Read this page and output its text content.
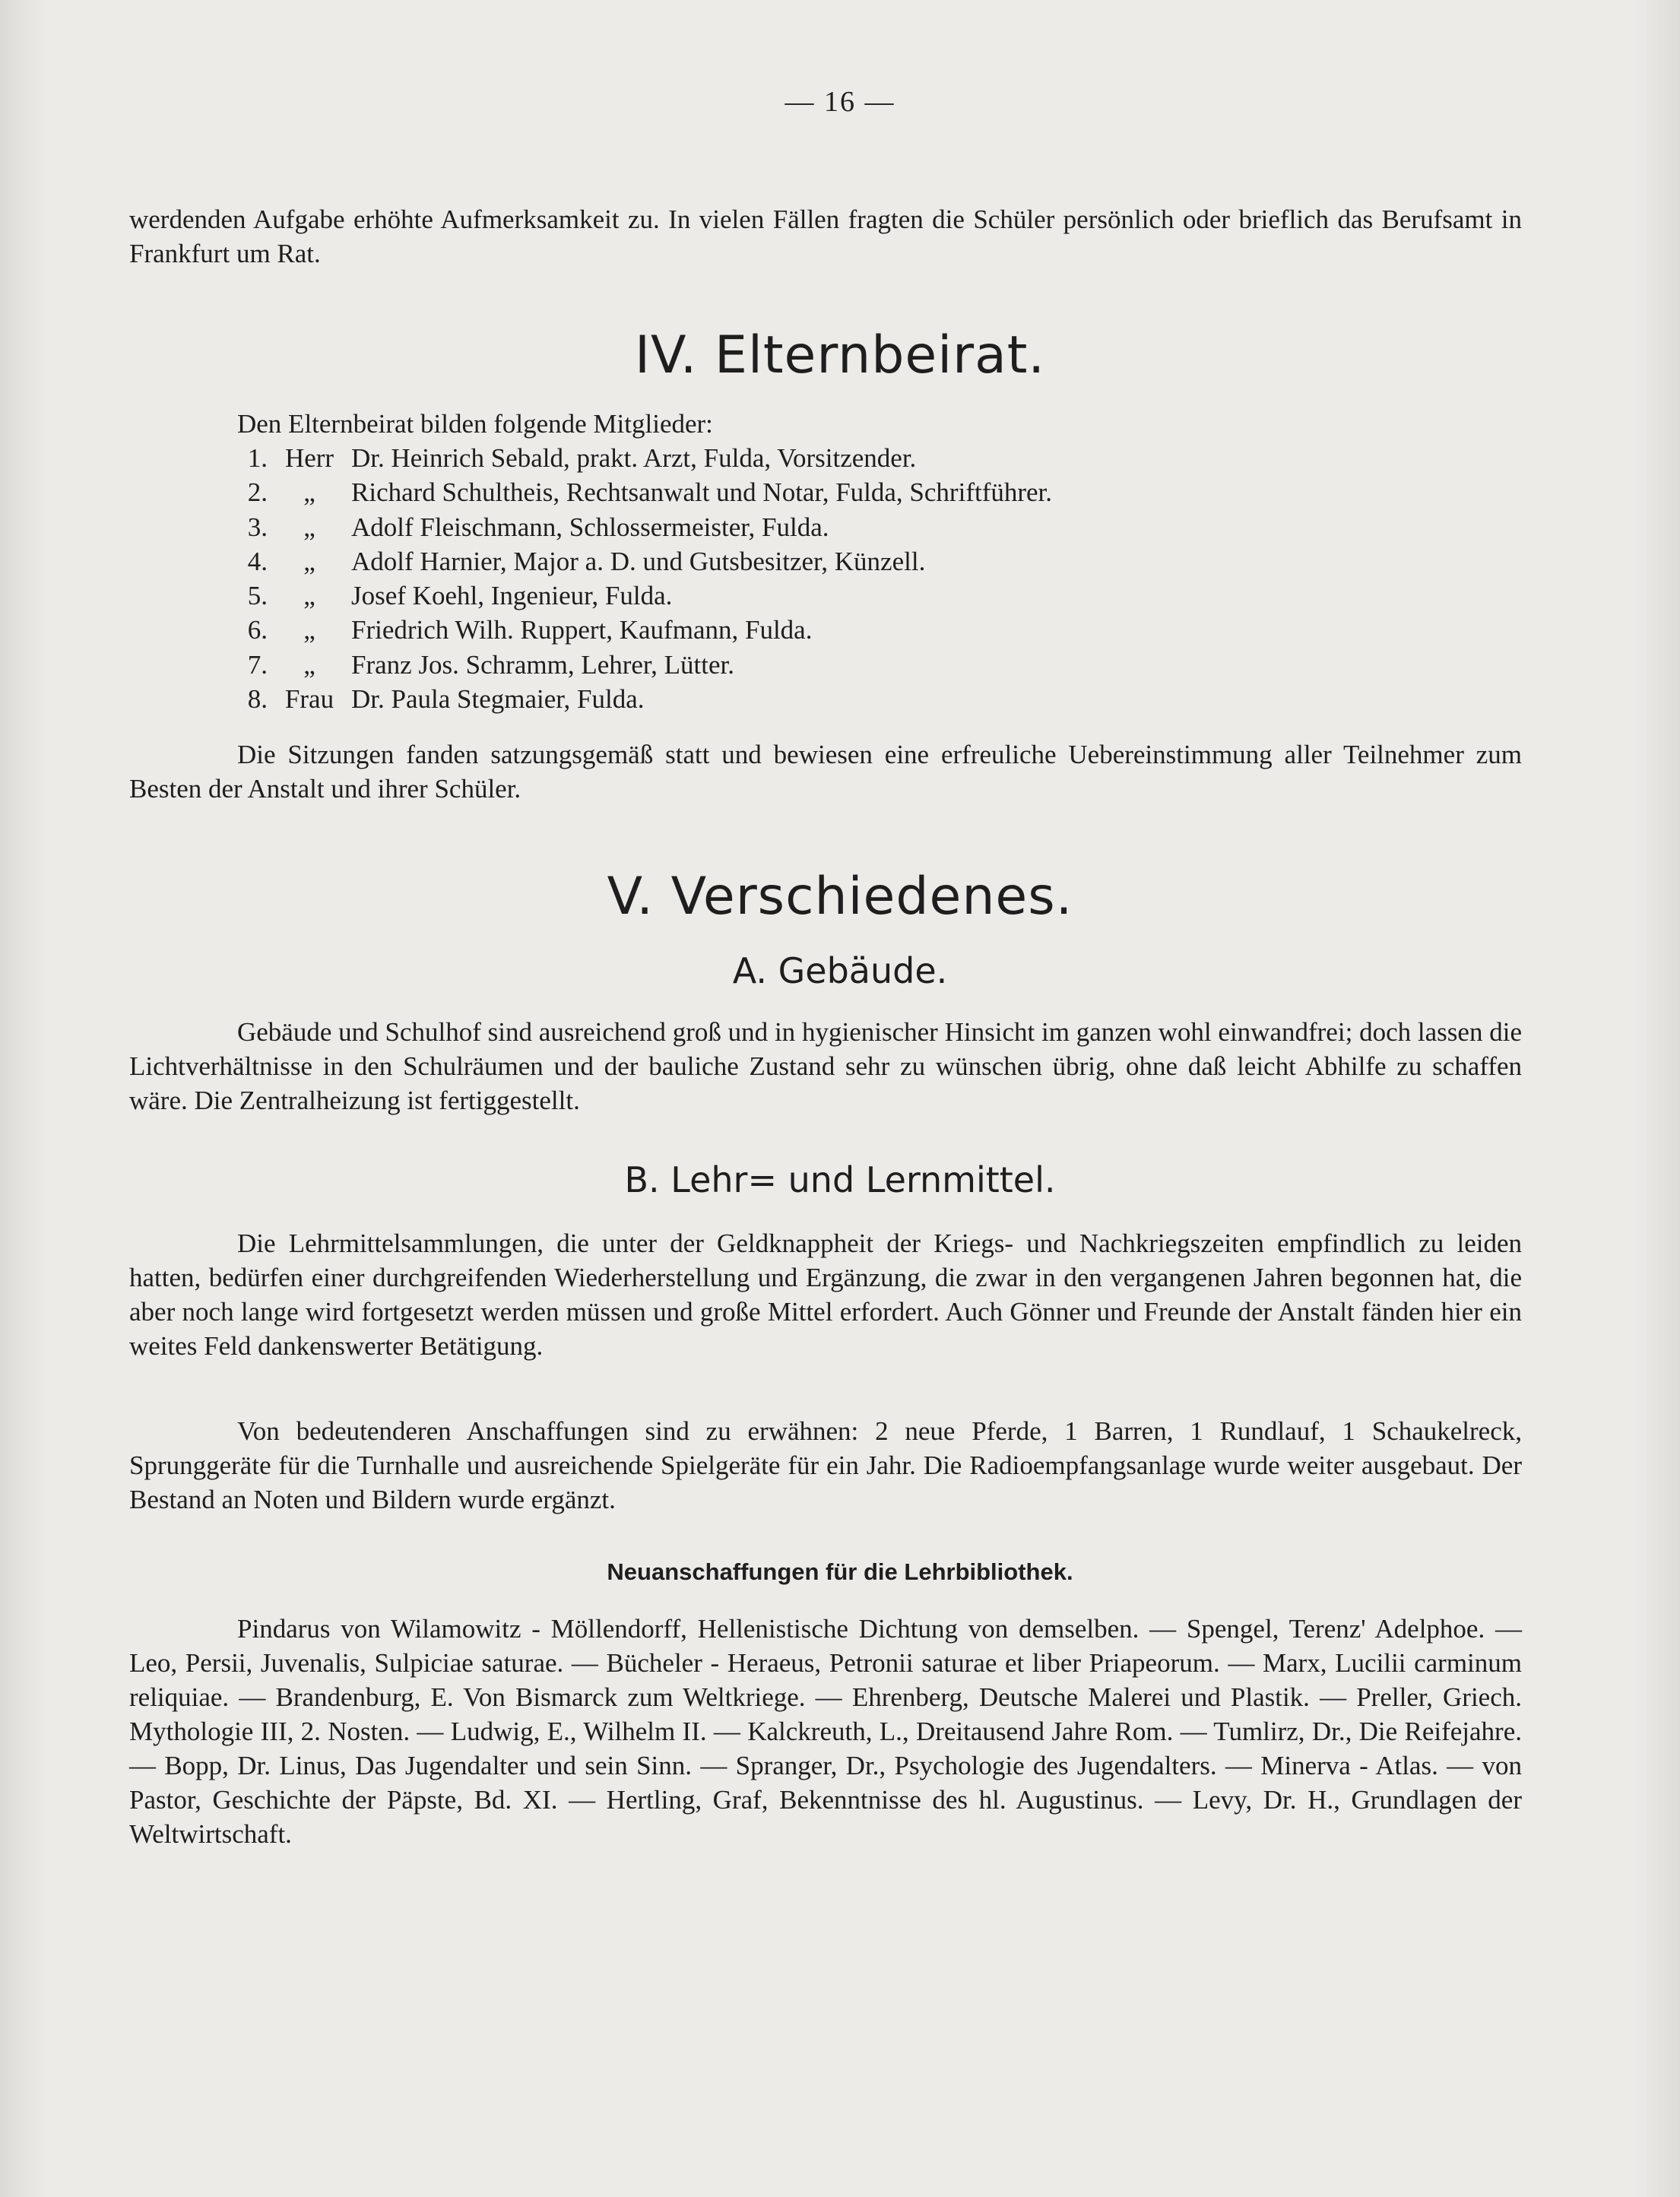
— 16 —

werdenden Aufgabe erhöhte Aufmerksamkeit zu. In vielen Fällen fragten die Schüler persönlich oder brieflich das Berufsamt in Frankfurt um Rat.

IV. Elternbeirat.

Den Elternbeirat bilden folgende Mitglieder:

1. Herr Dr. Heinrich Sebald, prakt. Arzt, Fulda, Vorsitzender.
2. „ Richard Schultheis, Rechtsanwalt und Notar, Fulda, Schriftführer.
3. „ Adolf Fleischmann, Schlossermeister, Fulda.
4. „ Adolf Harnier, Major a. D. und Gutsbesitzer, Künzell.
5. „ Josef Koehl, Ingenieur, Fulda.
6. „ Friedrich Wilh. Ruppert, Kaufmann, Fulda.
7. „ Franz Jos. Schramm, Lehrer, Lütter.
8. Frau Dr. Paula Stegmaier, Fulda.

Die Sitzungen fanden satzungsgemäß statt und bewiesen eine erfreuliche Uebereinstimmung aller Teilnehmer zum Besten der Anstalt und ihrer Schüler.

V. Verschiedenes.
A. Gebäude.

Gebäude und Schulhof sind ausreichend groß und in hygienischer Hinsicht im ganzen wohl einwandfrei; doch lassen die Lichtverhältnisse in den Schulräumen und der bauliche Zustand sehr zu wünschen übrig, ohne daß leicht Abhilfe zu schaffen wäre. Die Zentralheizung ist fertiggestellt.

B. Lehr= und Lernmittel.

Die Lehrmittelsammlungen, die unter der Geldknappheit der Kriegs- und Nachkriegszeiten empfindlich zu leiden hatten, bedürfen einer durchgreifenden Wiederherstellung und Ergänzung, die zwar in den vergangenen Jahren begonnen hat, die aber noch lange wird fortgesetzt werden müssen und große Mittel erfordert. Auch Gönner und Freunde der Anstalt fänden hier ein weites Feld dankenswerter Betätigung.

Von bedeutenderen Anschaffungen sind zu erwähnen: 2 neue Pferde, 1 Barren, 1 Rundlauf, 1 Schaukelreck, Sprunggeräte für die Turnhalle und ausreichende Spielgeräte für ein Jahr. Die Radioempfangsanlage wurde weiter ausgebaut. Der Bestand an Noten und Bildern wurde ergänzt.

Neuanschaffungen für die Lehrbibliothek.

Pindarus von Wilamowitz - Möllendorff, Hellenistische Dichtung von demselben. — Spengel, Terenz' Adelphoe. — Leo, Persii, Juvenalis, Sulpiciae saturae. — Bücheler - Heraeus, Petronii saturae et liber Priapeorum. — Marx, Lucilii carminum reliquiae. — Brandenburg, E. Von Bismarck zum Weltkriege. — Ehrenberg, Deutsche Malerei und Plastik. — Preller, Griech. Mythologie III, 2. Nosten. — Ludwig, E., Wilhelm II. — Kalckreuth, L., Dreitausend Jahre Rom. — Tumlirz, Dr., Die Reifejahre. — Bopp, Dr. Linus, Das Jugendalter und sein Sinn. — Spranger, Dr., Psychologie des Jugendalters. — Minerva - Atlas. — von Pastor, Geschichte der Päpste, Bd. XI. — Hertling, Graf, Bekenntnisse des hl. Augustinus. — Levy, Dr. H., Grundlagen der Weltwirtschaft.
